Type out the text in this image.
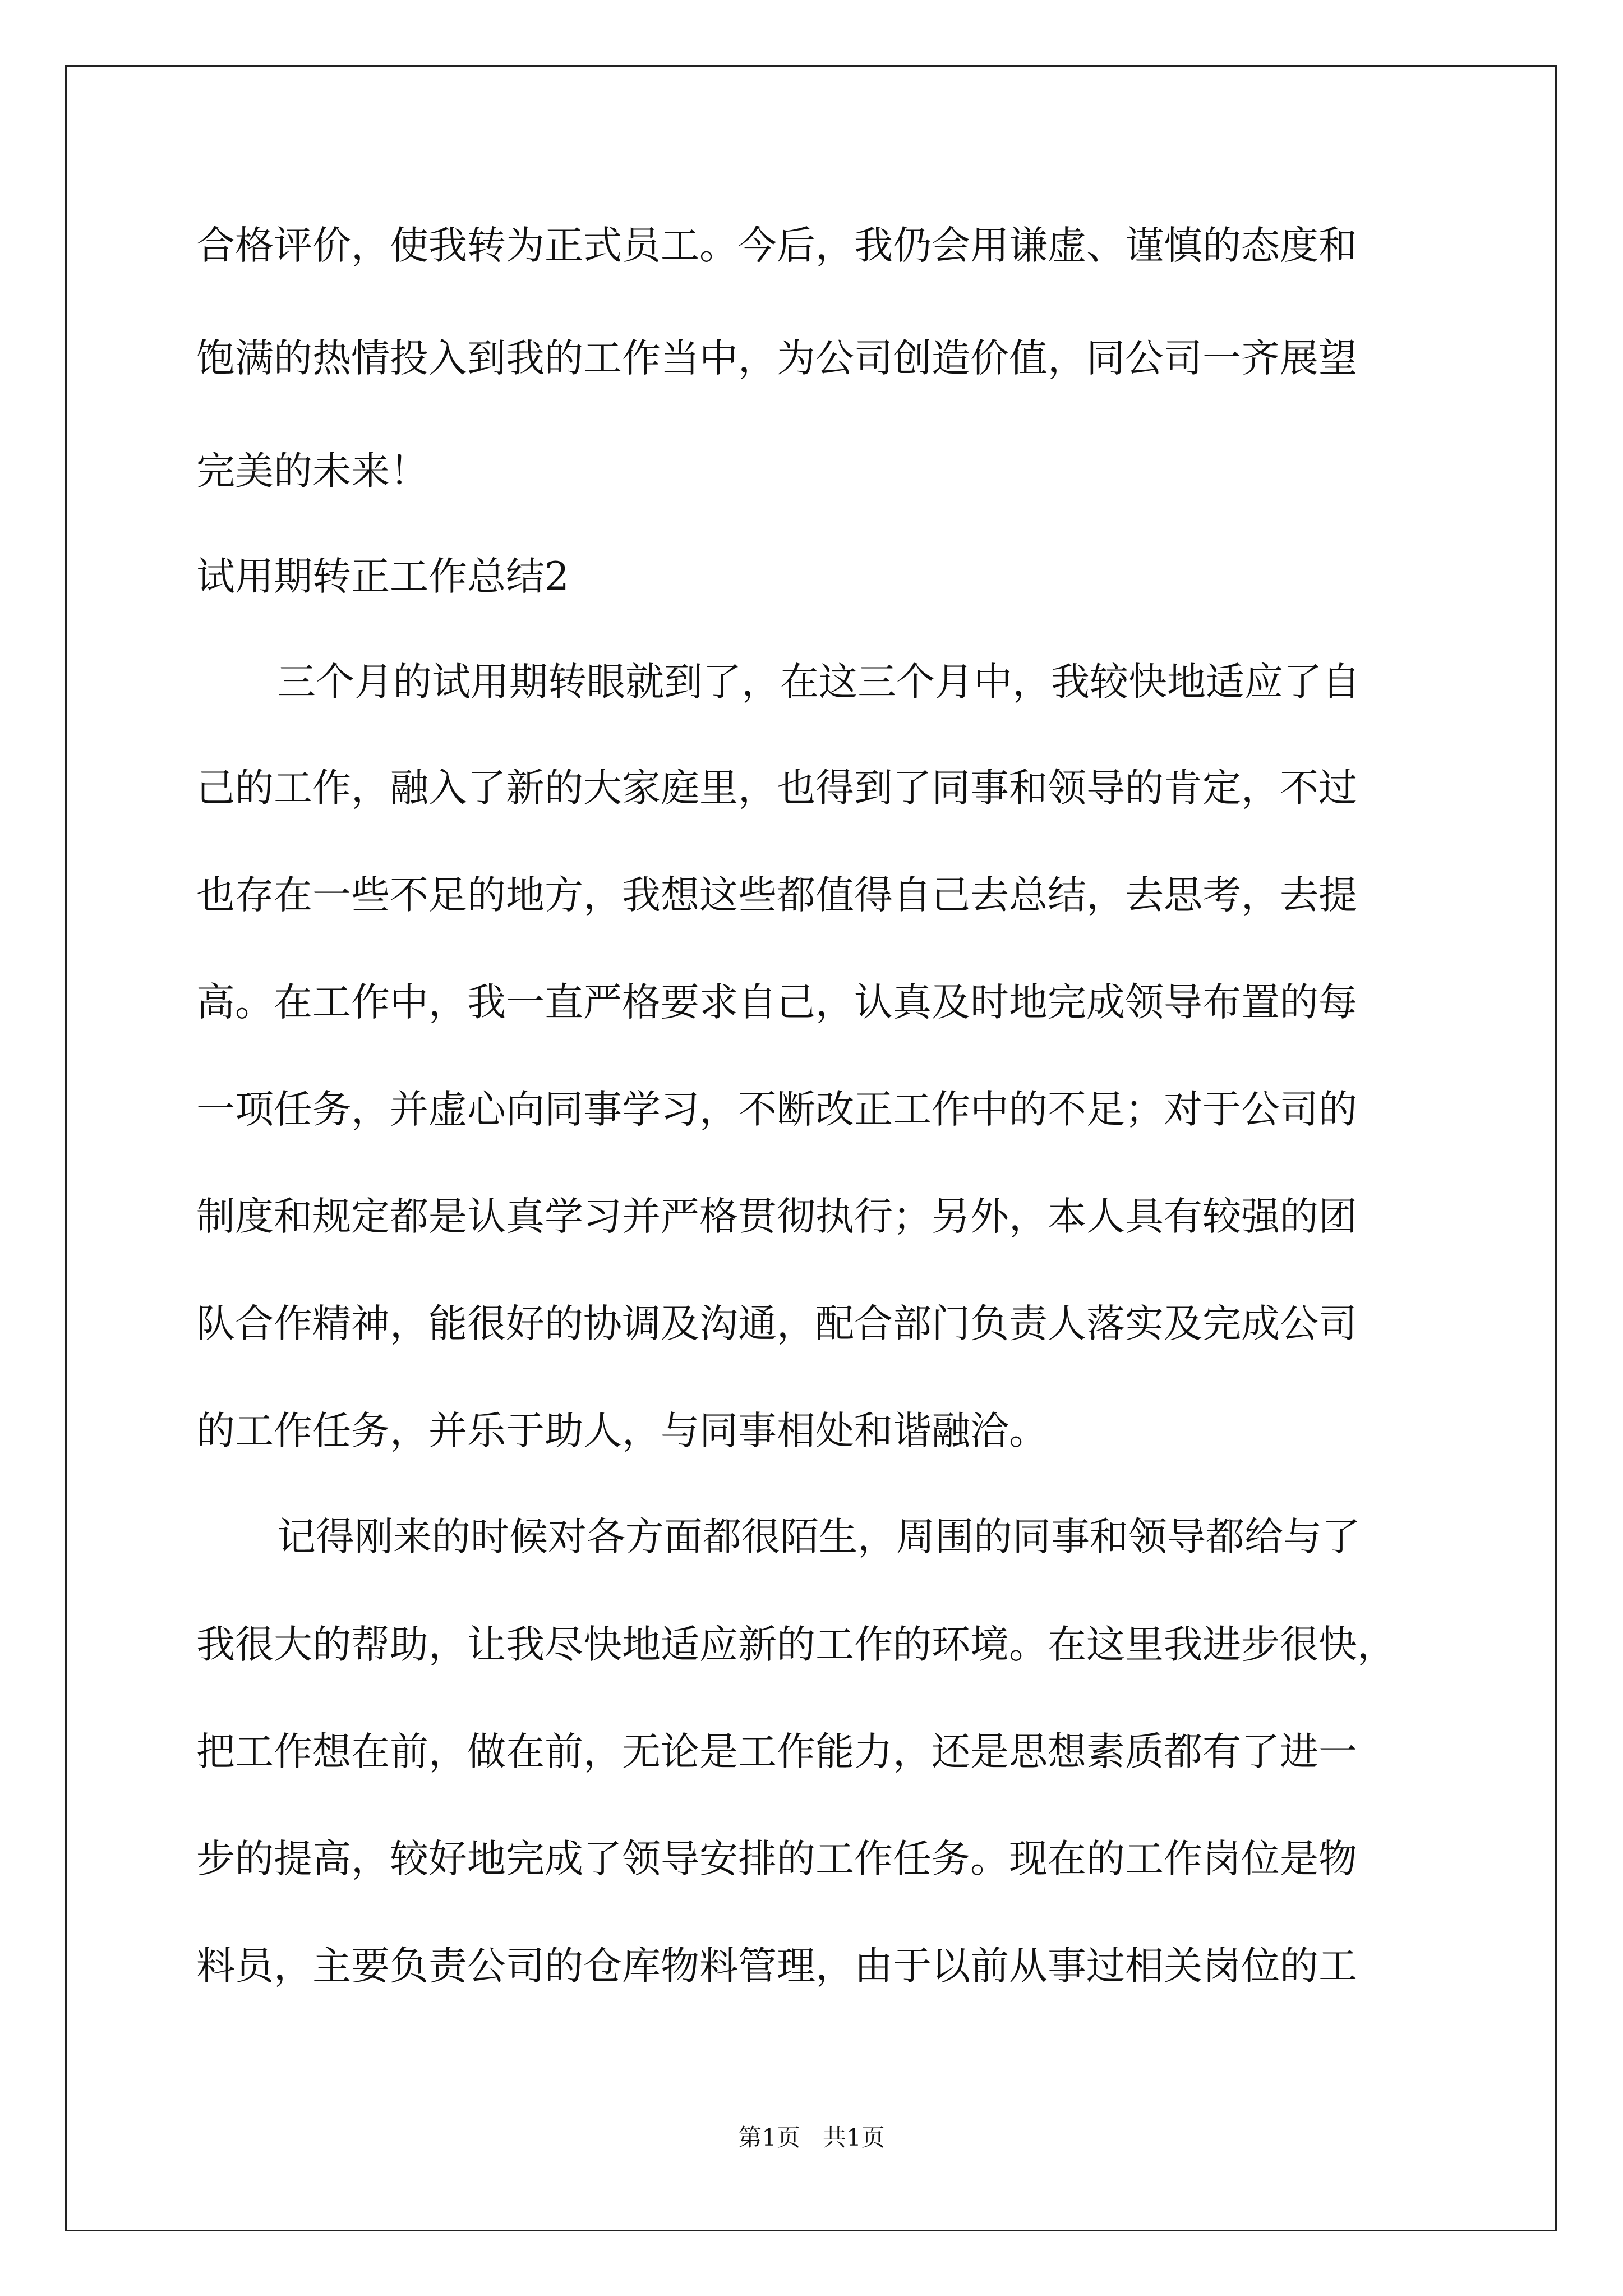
合格评价，使我转为正式员工。今后，我仍会用谦虚、谨慎的态度和
饱满的热情投入到我的工作当中，为公司创造价值，同公司一齐展望
完美的未来！
试用期转正工作总结2
三个月的试用期转眼就到了，在这三个月中，我较快地适应了自
己的工作，融入了新的大家庭里，也得到了同事和领导的肯定，不过
也存在一些不足的地方，我想这些都值得自己去总结，去思考，去提
高。在工作中，我一直严格要求自己，认真及时地完成领导布置的每
一项任务，并虚心向同事学习，不断改正工作中的不足；对于公司的
制度和规定都是认真学习并严格贯彻执行；另外，本人具有较强的团
队合作精神，能很好的协调及沟通，配合部门负责人落实及完成公司
的工作任务，并乐于助人，与同事相处和谐融洽。
记得刚来的时候对各方面都很陌生，周围的同事和领导都给与了
我很大的帮助，让我尽快地适应新的工作的环境。在这里我进步很快，
把工作想在前，做在前，无论是工作能力，还是思想素质都有了进一
步的提高，较好地完成了领导安排的工作任务。现在的工作岗位是物
料员，主要负责公司的仓库物料管理，由于以前从事过相关岗位的工
第1页   共1页
